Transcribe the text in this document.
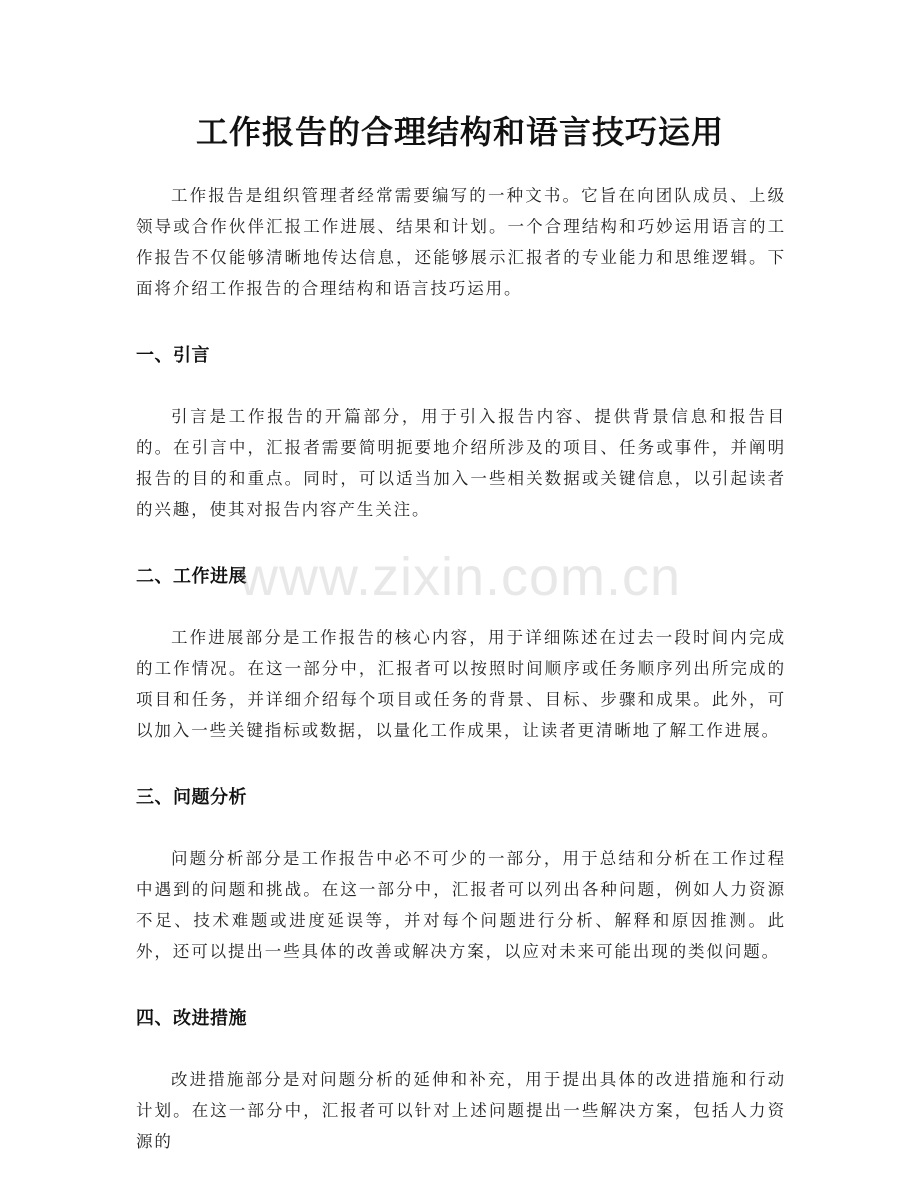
工作报告的合理结构和语言技巧运用

工作报告是组织管理者经常需要编写的一种文书。它旨在向团队成员、上级领导或合作伙伴汇报工作进展、结果和计划。一个合理结构和巧妙运用语言的工作报告不仅能够清晰地传达信息，还能够展示汇报者的专业能力和思维逻辑。下面将介绍工作报告的合理结构和语言技巧运用。

一、引言

引言是工作报告的开篇部分，用于引入报告内容、提供背景信息和报告目的。在引言中，汇报者需要简明扼要地介绍所涉及的项目、任务或事件，并阐明报告的目的和重点。同时，可以适当加入一些相关数据或关键信息，以引起读者的兴趣，使其对报告内容产生关注。

二、工作进展

工作进展部分是工作报告的核心内容，用于详细陈述在过去一段时间内完成的工作情况。在这一部分中，汇报者可以按照时间顺序或任务顺序列出所完成的项目和任务，并详细介绍每个项目或任务的背景、目标、步骤和成果。此外，可以加入一些关键指标或数据，以量化工作成果，让读者更清晰地了解工作进展。

三、问题分析

问题分析部分是工作报告中必不可少的一部分，用于总结和分析在工作过程中遇到的问题和挑战。在这一部分中，汇报者可以列出各种问题，例如人力资源不足、技术难题或进度延误等，并对每个问题进行分析、解释和原因推测。此外，还可以提出一些具体的改善或解决方案，以应对未来可能出现的类似问题。

四、改进措施

改进措施部分是对问题分析的延伸和补充，用于提出具体的改进措施和行动计划。在这一部分中，汇报者可以针对上述问题提出一些解决方案，包括人力资源的

www.zixin.com.cn
